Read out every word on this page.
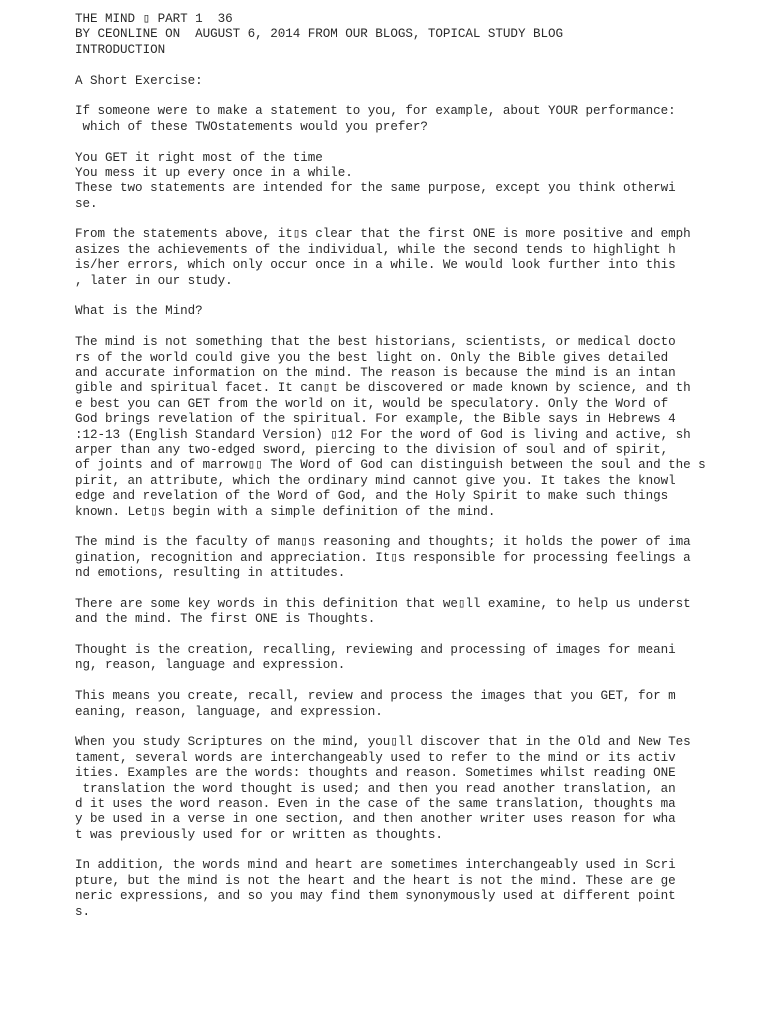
THE MIND ▯ PART 1  36
BY CEONLINE ON  AUGUST 6, 2014 FROM OUR BLOGS, TOPICAL STUDY BLOG
INTRODUCTION
A Short Exercise:
If someone were to make a statement to you, for example, about YOUR performance:
which of these TWOstatements would you prefer?
You GET it right most of the time
You mess it up every once in a while.
These two statements are intended for the same purpose, except you think otherwi
se.
From the statements above, it▯s clear that the first ONE is more positive and emph
asizes the achievements of the individual, while the second tends to highlight h
is/her errors, which only occur once in a while. We would look further into this
, later in our study.
What is the Mind?
The mind is not something that the best historians, scientists, or medical docto
rs of the world could give you the best light on. Only the Bible gives detailed
and accurate information on the mind. The reason is because the mind is an intan
gible and spiritual facet. It can▯t be discovered or made known by science, and th
e best you can GET from the world on it, would be speculatory. Only the Word of
God brings revelation of the spiritual. For example, the Bible says in Hebrews 4
:12-13 (English Standard Version) ▯12 For the word of God is living and active, sh
arper than any two-edged sword, piercing to the division of soul and of spirit,
of joints and of marrow▯▯ The Word of God can distinguish between the soul and the s
pirit, an attribute, which the ordinary mind cannot give you. It takes the knowl
edge and revelation of the Word of God, and the Holy Spirit to make such things
known. Let▯s begin with a simple definition of the mind.
The mind is the faculty of man▯s reasoning and thoughts; it holds the power of ima
gination, recognition and appreciation. It▯s responsible for processing feelings a
nd emotions, resulting in attitudes.
There are some key words in this definition that we▯ll examine, to help us underst
and the mind. The first ONE is Thoughts.
Thought is the creation, recalling, reviewing and processing of images for meani
ng, reason, language and expression.
This means you create, recall, review and process the images that you GET, for m
eaning, reason, language, and expression.
When you study Scriptures on the mind, you▯ll discover that in the Old and New Tes
tament, several words are interchangeably used to refer to the mind or its activ
ities. Examples are the words: thoughts and reason. Sometimes whilst reading ONE
translation the word thought is used; and then you read another translation, an
d it uses the word reason. Even in the case of the same translation, thoughts ma
y be used in a verse in one section, and then another writer uses reason for wha
t was previously used for or written as thoughts.
In addition, the words mind and heart are sometimes interchangeably used in Scri
pture, but the mind is not the heart and the heart is not the mind. These are ge
neric expressions, and so you may find them synonymously used at different point
s.
